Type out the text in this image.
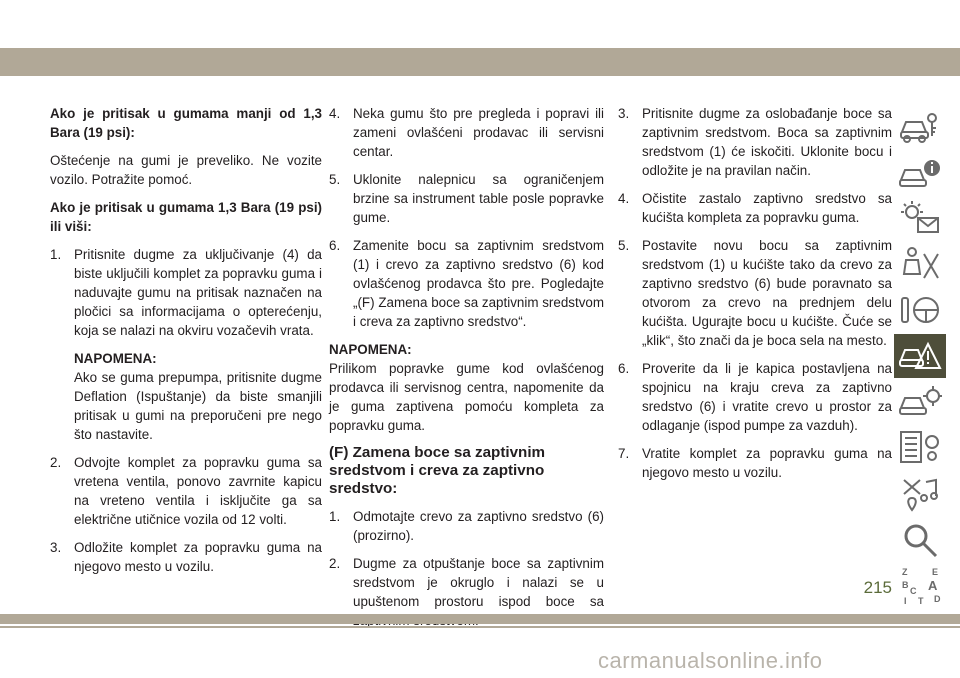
Ako je pritisak u gumama manji od 1,3 Bara (19 psi):

Oštećenje na gumi je preveliko. Ne vozite vozilo. Potražite pomoć.

Ako je pritisak u gumama 1,3 Bara (19 psi) ili viši:

1. Pritisnite dugme za uključivanje (4) da biste uključili komplet za popravku guma i naduvajte gumu na pritisak naznačen na pločici sa informacijama o opterećenju, koja se nalazi na okviru vozačevih vrata.
NAPOMENA:
Ako se guma prepumpa, pritisnite dugme Deflation (Ispuštanje) da biste smanjili pritisak u gumi na preporučeni pre nego što nastavite.
2. Odvojte komplet za popravku guma sa vretena ventila, ponovo zavrnite kapicu na vreteno ventila i isključite ga sa električne utičnice vozila od 12 volti.
3. Odložite komplet za popravku guma na njegovo mesto u vozilu.
4. Neka gumu što pre pregleda i popravi ili zameni ovlašćeni prodavac ili servisni centar.
5. Uklonite nalepnicu sa ograničenjem brzine sa instrument table posle popravke gume.
6. Zamenite bocu sa zaptivnim sredstvom (1) i crevo za zaptivno sredstvo (6) kod ovlašćenog prodavca što pre. Pogledajte „(F) Zamena boce sa zaptivnim sredstvom i creva za zaptivno sredstvo“.
NAPOMENA:
Prilikom popravke gume kod ovlašćenog prodavca ili servisnog centra, napomenite da je guma zaptivena pomoću kompleta za popravku guma.
(F) Zamena boce sa zaptivnim sredstvom i creva za zaptivno sredstvo:
1. Odmotajte crevo za zaptivno sredstvo (6) (prozirno).
2. Dugme za otpuštanje boce sa zaptivnim sredstvom je okruglo i nalazi se u upuštenom prostoru ispod boce sa
3. Pritisnite dugme za oslobađanje boce sa zaptivnim sredstvom. Boca sa zaptivnim sredstvom (1) će iskočiti. Uklonite bocu i odložite je na pravilan način.
4. Očistite zastalo zaptivno sredstvo sa kućišta kompleta za popravku guma.
5. Postavite novu bocu sa zaptivnim sredstvom (1) u kućište tako da crevo za zaptivno sredstvo (6) bude poravnato sa otvorom za crevo na prednjem delu kućišta. Ugurajte bocu u kućište. Čuće se „klik“, što znači da je boca sela na mesto.
6. Proverite da li je kapica postavljena na spojnicu na kraju creva za zaptivno sredstvo (6) i vratite crevo u prostor za odlaganje (ispod pumpe za vazduh).
7. Vratite komplet za popravku guma na njegovo mesto u vozilu.
Z	E
B A
C
I T D
215
carmanualsonline.info
